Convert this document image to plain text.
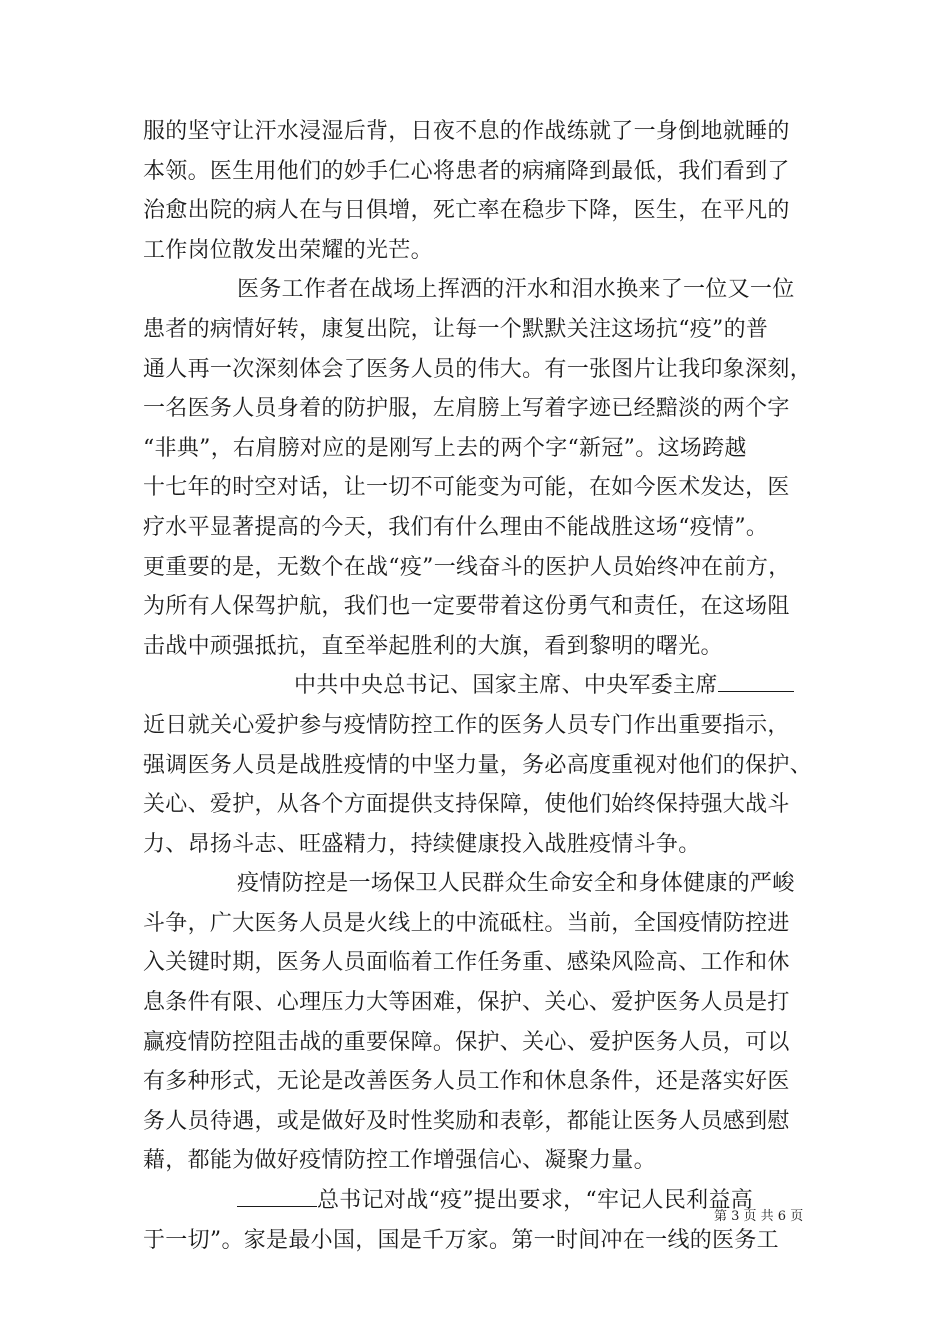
服的坚守让汗水浸湿后背，日夜不息的作战练就了一身倒地就睡的
本领。医生用他们的妙手仁心将患者的病痛降到最低，我们看到了
治愈出院的病人在与日俱增，死亡率在稳步下降，医生，在平凡的
工作岗位散发出荣耀的光芒。
医务工作者在战场上挥洒的汗水和泪水换来了一位又一位
患者的病情好转，康复出院，让每一个默默关注这场抗“疫”的普
通人再一次深刻体会了医务人员的伟大。有一张图片让我印象深刻，
一名医务人员身着的防护服，左肩膀上写着字迹已经黯淡的两个字
“非典”，右肩膀对应的是刚写上去的两个字“新冠”。这场跨越
十七年的时空对话，让一切不可能变为可能，在如今医术发达，医
疗水平显著提高的今天，我们有什么理由不能战胜这场“疫情”。
更重要的是，无数个在战“疫”一线奋斗的医护人员始终冲在前方，
为所有人保驾护航，我们也一定要带着这份勇气和责任，在这场阻
击战中顽强抵抗，直至举起胜利的大旗，看到黎明的曙光。
中共中央总书记、国家主席、中央军委主席
近日就关心爱护参与疫情防控工作的医务人员专门作出重要指示，
强调医务人员是战胜疫情的中坚力量，务必高度重视对他们的保护、
关心、爱护，从各个方面提供支持保障，使他们始终保持强大战斗
力、昂扬斗志、旺盛精力，持续健康投入战胜疫情斗争。
疫情防控是一场保卫人民群众生命安全和身体健康的严峻
斗争，广大医务人员是火线上的中流砥柱。当前，全国疫情防控进
入关键时期，医务人员面临着工作任务重、感染风险高、工作和休
息条件有限、心理压力大等困难，保护、关心、爱护医务人员是打
赢疫情防控阻击战的重要保障。保护、关心、爱护医务人员，可以
有多种形式，无论是改善医务人员工作和休息条件，还是落实好医
务人员待遇，或是做好及时性奖励和表彰，都能让医务人员感到慰
藉，都能为做好疫情防控工作增强信心、凝聚力量。
总书记对战“疫”提出要求，“牢记人民利益高
于一切”。家是最小国，国是千万家。第一时间冲在一线的医务工
第 3 页 共 6 页
